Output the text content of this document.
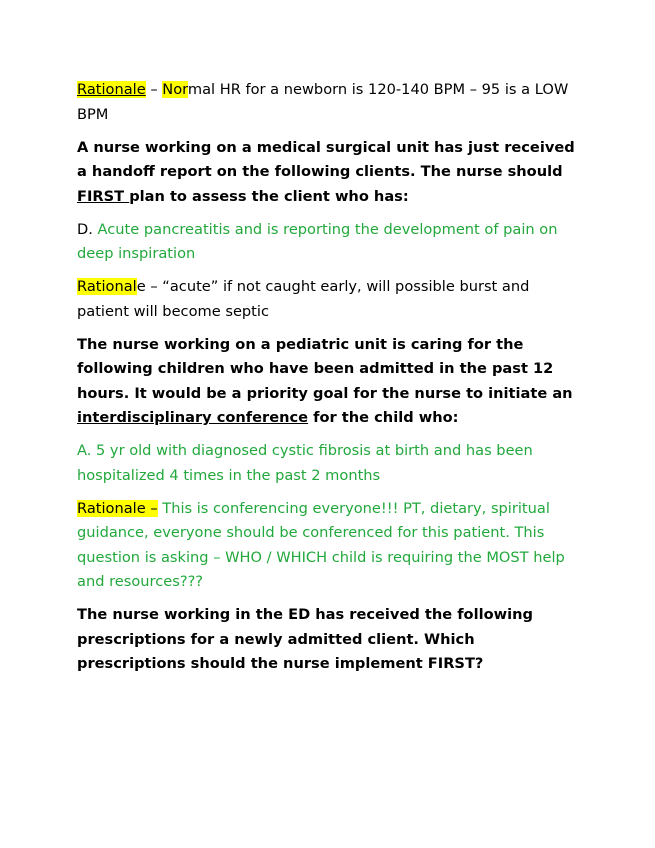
Rationale – Normal HR for a newborn is 120-140 BPM – 95 is a LOW BPM

A nurse working on a medical surgical unit has just received a handoff report on the following clients. The nurse should FIRST plan to assess the client who has:

D. Acute pancreatitis and is reporting the development of pain on deep inspiration

Rationale – “acute” if not caught early, will possible burst and patient will become septic

The nurse working on a pediatric unit is caring for the following children who have been admitted in the past 12 hours. It would be a priority goal for the nurse to initiate an interdisciplinary conference for the child who:

A. 5 yr old with diagnosed cystic fibrosis at birth and has been hospitalized 4 times in the past 2 months

Rationale – This is conferencing everyone!!! PT, dietary, spiritual guidance, everyone should be conferenced for this patient. This question is asking – WHO / WHICH child is requiring the MOST help and resources???

The nurse working in the ED has received the following prescriptions for a newly admitted client. Which prescriptions should the nurse implement FIRST?
